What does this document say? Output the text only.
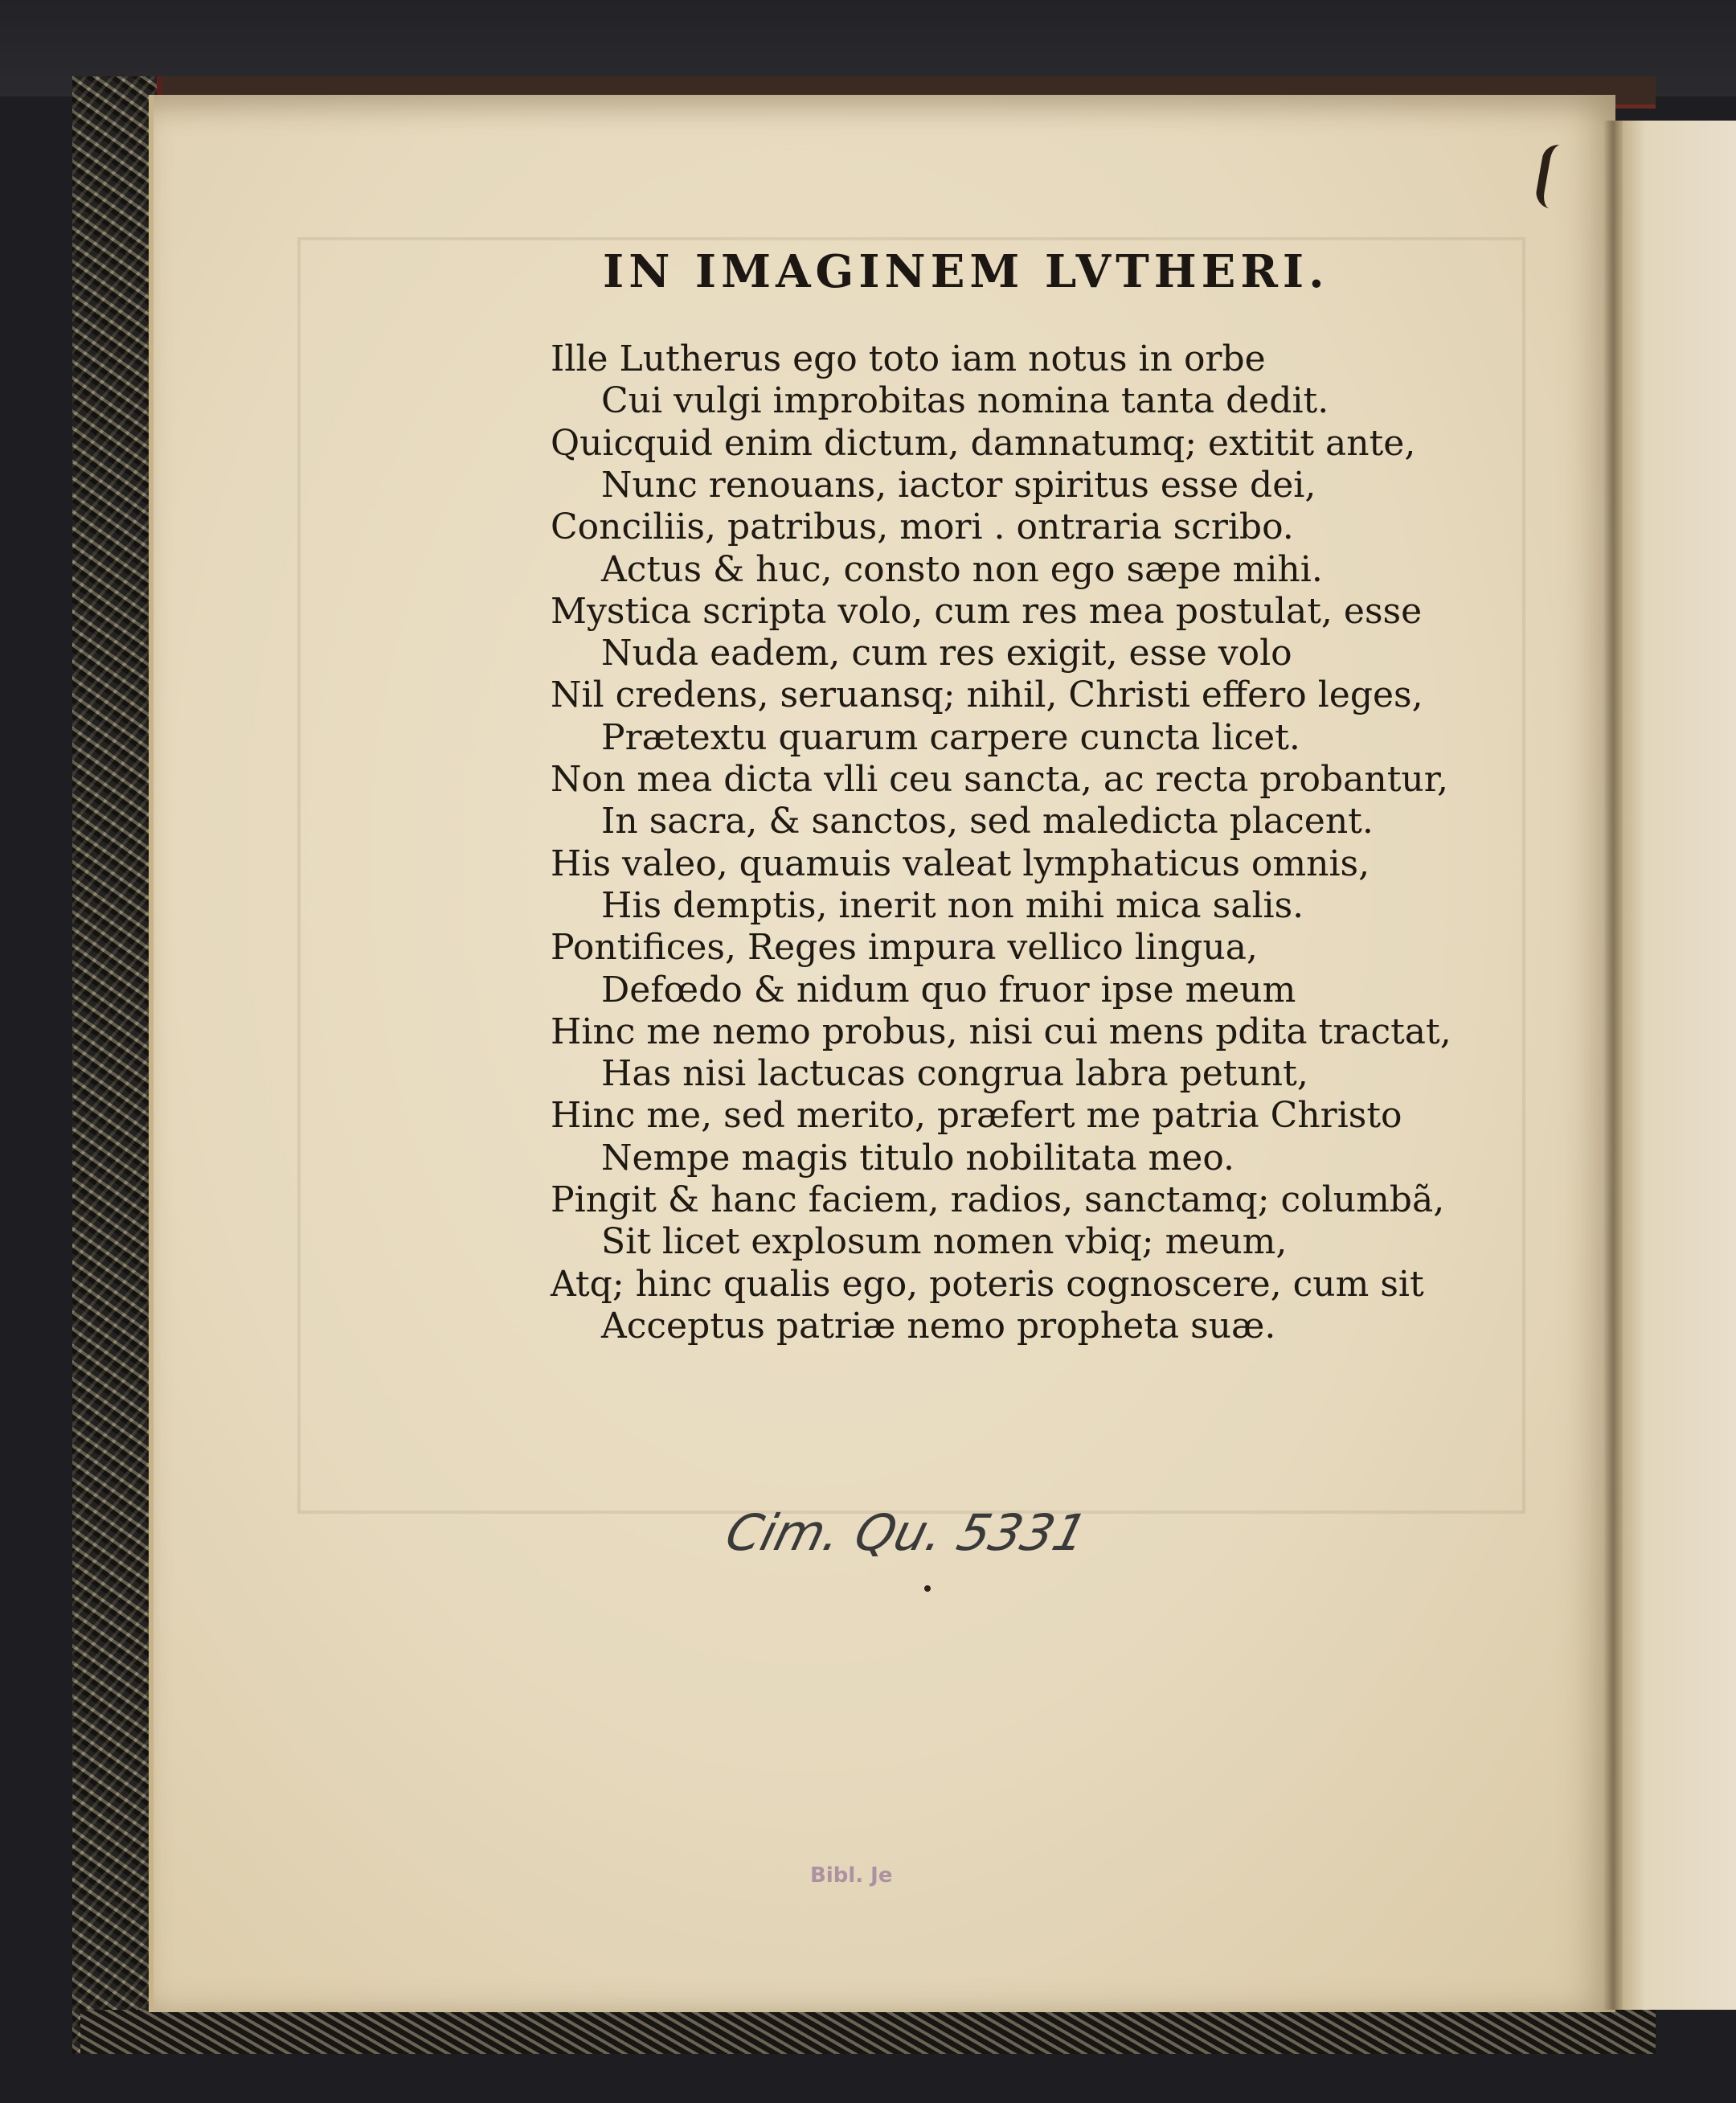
IN IMAGINEM LVTHERI.
Ille Lutherus ego toto iam notus in orbe
Cui vulgi improbitas nomina tanta dedit.
Quicquid enim dictum, damnatumq; extitit ante,
Nunc renouans, iactor spiritus esse dei,
Conciliis, patribus, mori . ontraria scribo.
Actus & huc, consto non ego sæpe mihi.
Mystica scripta volo, cum res mea postulat, esse
Nuda eadem, cum res exigit, esse volo
Nil credens, seruansq; nihil, Christi effero leges,
Prætextu quarum carpere cuncta licet.
Non mea dicta vlli ceu sancta, ac recta probantur,
In sacra, & sanctos, sed maledicta placent.
His valeo, quamuis valeat lymphaticus omnis,
His demptis, inerit non mihi mica salis.
Pontifices, Reges impura vellico lingua,
Defœdo & nidum quo fruor ipse meum
Hinc me nemo probus, nisi cui mens pdita tractat,
Has nisi lactucas congrua labra petunt,
Hinc me, sed merito, præfert me patria Christo
Nempe magis titulo nobilitata meo.
Pingit & hanc faciem, radios, sanctamq; columbã,
Sit licet explosum nomen vbiq; meum,
Atq; hinc qualis ego, poteris cognoscere, cum sit
Acceptus patriæ nemo propheta suæ.
Cim. Qu. 5331
Bibl. Je
